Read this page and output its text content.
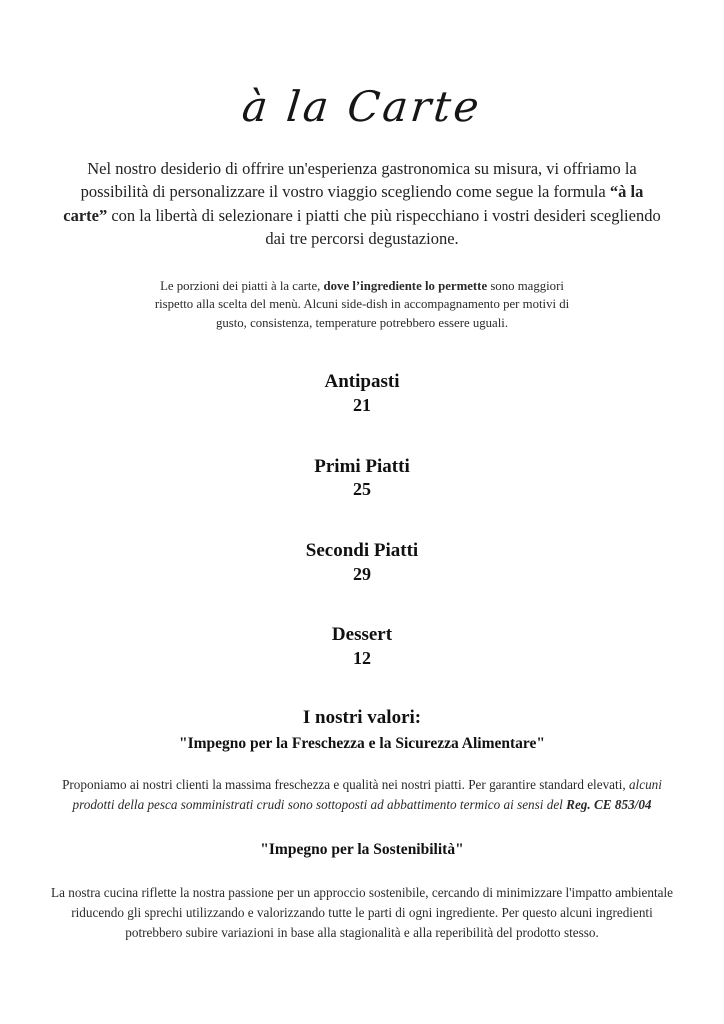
à la Carte

Nel nostro desiderio di offrire un'esperienza gastronomica su misura, vi offriamo la possibilità di personalizzare il vostro viaggio scegliendo come segue la formula “à la carte” con la libertà di selezionare i piatti che più rispecchiano i vostri desideri scegliendo dai tre percorsi degustazione.

Le porzioni dei piatti à la carte, dove l’ingrediente lo permette sono maggiori rispetto alla scelta del menù. Alcuni side-dish in accompagnamento per motivi di gusto, consistenza, temperature potrebbero essere uguali.

Antipasti
21
Primi Piatti
25
Secondi Piatti
29
Dessert
12
I nostri valori:
"Impegno per la Freschezza e la Sicurezza Alimentare"

Proponiamo ai nostri clienti la massima freschezza e qualità nei nostri piatti. Per garantire standard elevati, alcuni prodotti della pesca somministrati crudi sono sottoposti ad abbattimento termico ai sensi del Reg. CE 853/04

"Impegno per la Sostenibilità"

La nostra cucina riflette la nostra passione per un approccio sostenibile, cercando di minimizzare l'impatto ambientale riducendo gli sprechi utilizzando e valorizzando tutte le parti di ogni ingrediente. Per questo alcuni ingredienti potrebbero subire variazioni in base alla stagionalità e alla reperibilità del prodotto stesso.
